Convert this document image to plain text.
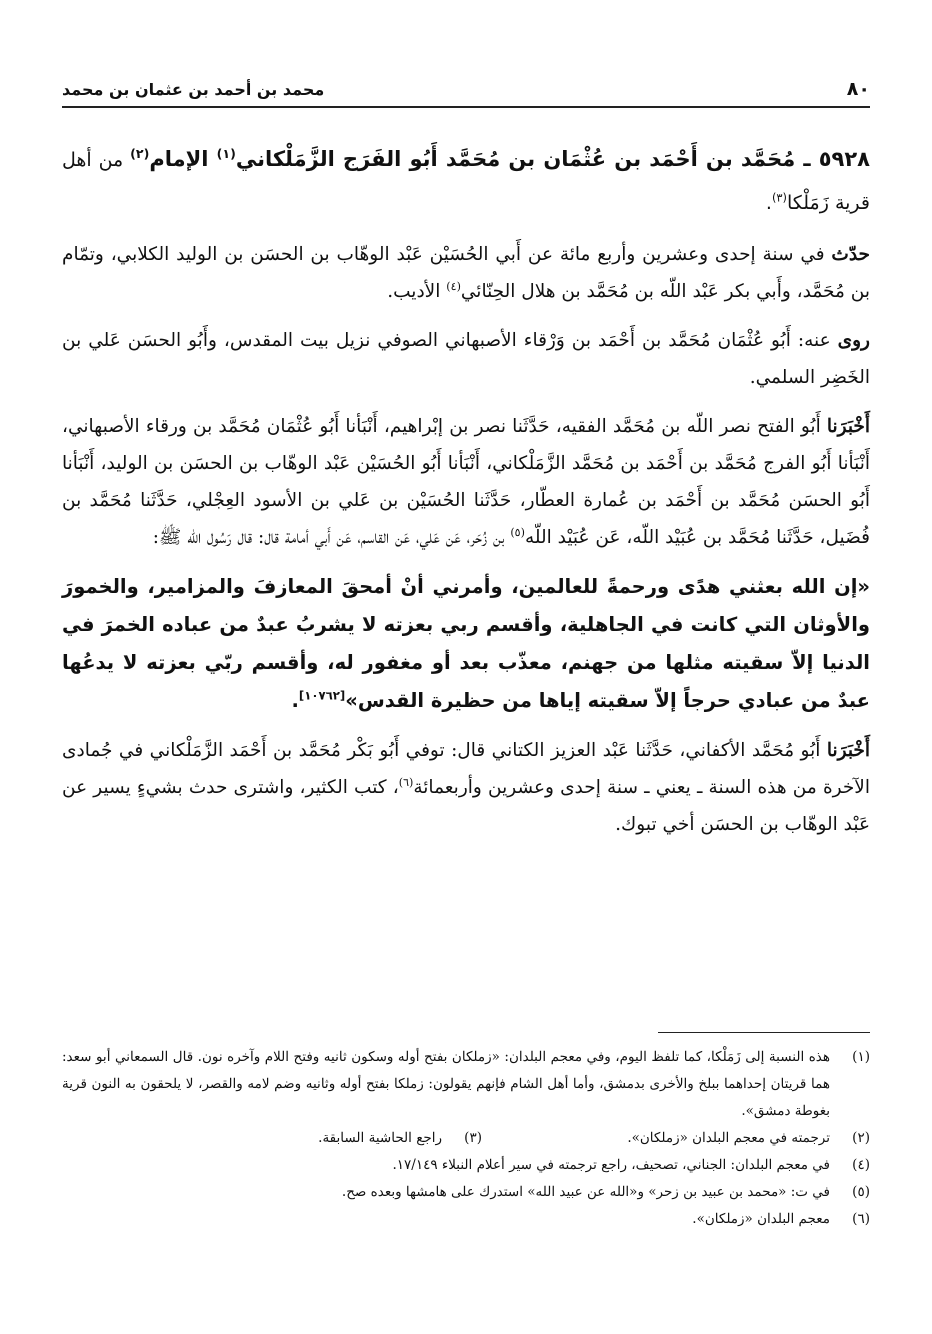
٨٠
محمد بن أحمد بن عثمان بن محمد
٥٩٢٨ ـ مُحَمَّد بن أَحْمَد بن عُثْمَان بن مُحَمَّد أَبُو الفَرَج الزَّمَلْكاني$^{(١)}$ الإمام$^{(٢)}$ من أهل قرية زَمَلْكا$^{(٣)}$.

حدّث في سنة إحدى وعشرين وأربع مائة عن أَبي الحُسَيْن عَبْد الوهّاب بن الحسَن بن الوليد الكلابي، وتمّام بن مُحَمَّد، وأَبي بكر عَبْد اللّه بن مُحَمَّد بن هلال الحِنّائي$^{(٤)}$ الأديب.

روى عنه: أَبُو عُثْمَان مُحَمَّد بن أَحْمَد بن وَرْقاء الأصبهاني الصوفي نزيل بيت المقدس، وأَبُو الحسَن عَلي بن الخَضِر السلمي.

أَخْبَرَنا أَبُو الفتح نصر اللّه بن مُحَمَّد الفقيه، حَدَّثَنا نصر بن إبْراهيم، أَنْبَأنا أَبُو عُثْمَان مُحَمَّد بن ورقاء الأصبهاني، أَنْبَأنا أَبُو الفرج مُحَمَّد بن أَحْمَد بن مُحَمَّد الزَّمَلْكاني، أَنْبَأنا أَبُو الحُسَيْن عَبْد الوهّاب بن الحسَن بن الوليد، أَنْبَأنا أَبُو الحسَن مُحَمَّد بن أَحْمَد بن عُمارة العطّار، حَدَّثَنا الحُسَيْن بن عَلي بن الأسود العِجْلي، حَدَّثَنا مُحَمَّد بن فُضَيل، حَدَّثَنا مُحَمَّد بن عُبَيْد اللّه، عَن عُبَيْد اللّه$^{(٥)}$ بن زُحَر، عَن عَلي، عَن القاسم، عَن أَبي أمامة قال: قال رَسُول اللّه ﷺ:

«إن الله بعثني هدًى ورحمةً للعالمين، وأمرني أنْ أمحقَ المعازفَ والمزامير، والخمورَ والأوثان التي كانت في الجاهلية، وأقسم ربي بعزته لا يشربُ عبدٌ من عباده الخمرَ في الدنيا إلاّ سقيته مثلها من جهنم، معذّب بعد أو مغفور له، وأقسم ربّي بعزته لا يدعُها عبدٌ من عبادي حرجاً إلاّ سقيته إياها من حظيرة القدس»[١٠٧٦٢].

أَخْبَرَنا أَبُو مُحَمَّد الأكفاني، حَدَّثَنا عَبْد العزيز الكتاني قال: توفي أَبُو بَكْر مُحَمَّد بن أَحْمَد الزَّمَلْكاني في جُمادى الآخرة من هذه السنة ـ يعني ـ سنة إحدى وعشرين وأربعمائة$^{(٦)}$، كتب الكثير، واشترى حدث بشيءٍ يسير عن عَبْد الوهّاب بن الحسَن أخي تبوك.

(١)
هذه النسبة إلى زَمَلْكا، كما تلفظ اليوم، وفي معجم البلدان: «زملكان بفتح أوله وسكون ثانيه وفتح اللام وآخره نون. قال السمعاني أبو سعد: هما قريتان إحداهما ببلخ والأخرى بدمشق، وأما أهل الشام فإنهم يقولون: زملكا بفتح أوله وثانيه وضم لامه والقصر، لا يلحقون به النون قرية بغوطة دمشق».
(٢)
ترجمته في معجم البلدان «زملكان».
(٣)
راجع الحاشية السابقة.
(٤)
في معجم البلدان: الجناني، تصحيف، راجع ترجمته في سير أعلام النبلاء ١٧/١٤٩.
(٥)
في ت: «محمد بن عبيد بن زحر» و«الله عن عبيد الله» استدرك على هامشها وبعده صح.
(٦)
معجم البلدان «زملكان».
